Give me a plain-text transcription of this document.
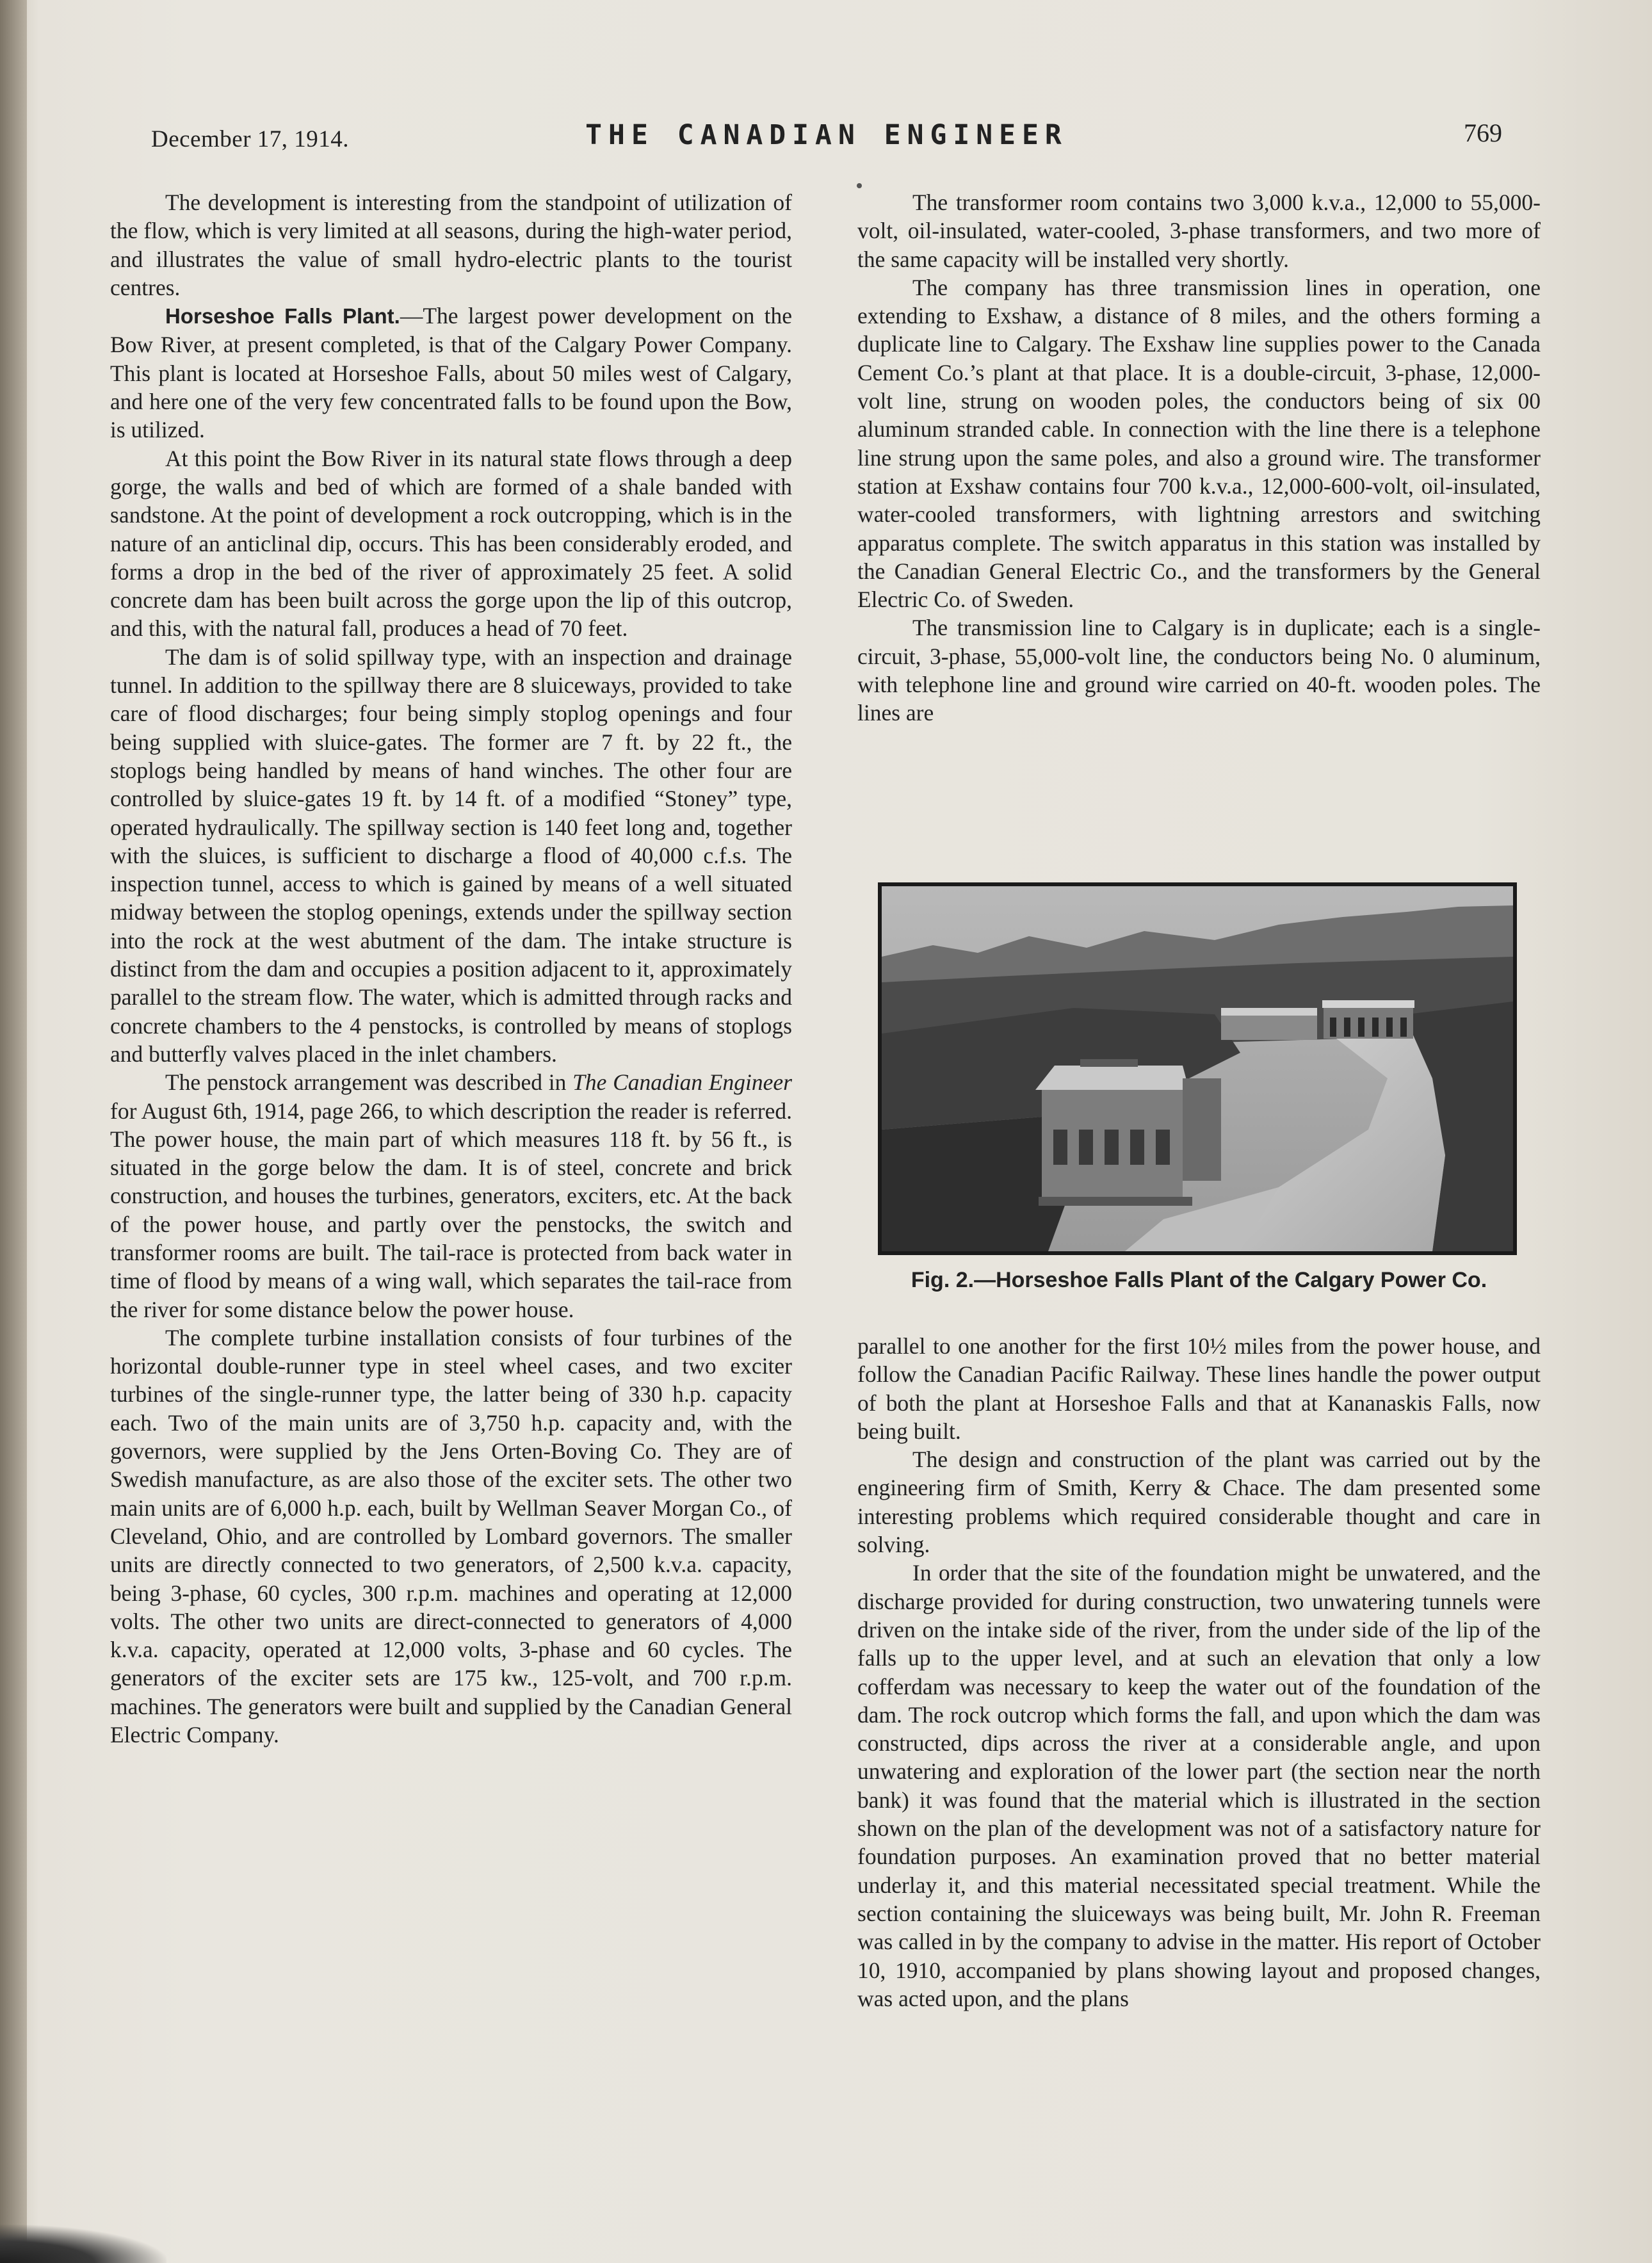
December 17, 1914.	THE CANADIAN ENGINEER	769

The development is interesting from the standpoint of utilization of the flow, which is very limited at all seasons, during the high-water period, and illustrates the value of small hydro-electric plants to the tourist centres.

Horseshoe Falls Plant.—The largest power development on the Bow River, at present completed, is that of the Calgary Power Company. This plant is located at Horseshoe Falls, about 50 miles west of Calgary, and here one of the very few concentrated falls to be found upon the Bow, is utilized.

At this point the Bow River in its natural state flows through a deep gorge, the walls and bed of which are formed of a shale banded with sandstone. At the point of development a rock outcropping, which is in the nature of an anticlinal dip, occurs. This has been considerably eroded, and forms a drop in the bed of the river of approximately 25 feet. A solid concrete dam has been built across the gorge upon the lip of this outcrop, and this, with the natural fall, produces a head of 70 feet.

The dam is of solid spillway type, with an inspection and drainage tunnel. In addition to the spillway there are 8 sluiceways, provided to take care of flood discharges; four being simply stoplog openings and four being supplied with sluice-gates. The former are 7 ft. by 22 ft., the stoplogs being handled by means of hand winches. The other four are controlled by sluice-gates 19 ft. by 14 ft. of a modified “Stoney” type, operated hydraulically. The spillway section is 140 feet long and, together with the sluices, is sufficient to discharge a flood of 40,000 c.f.s. The inspection tunnel, access to which is gained by means of a well situated midway between the stoplog openings, extends under the spillway section into the rock at the west abutment of the dam. The intake structure is distinct from the dam and occupies a position adjacent to it, approximately parallel to the stream flow. The water, which is admitted through racks and concrete chambers to the 4 penstocks, is controlled by means of stoplogs and butterfly valves placed in the inlet chambers.

The penstock arrangement was described in The Canadian Engineer for August 6th, 1914, page 266, to which description the reader is referred. The power house, the main part of which measures 118 ft. by 56 ft., is situated in the gorge below the dam. It is of steel, concrete and brick construction, and houses the turbines, generators, exciters, etc. At the back of the power house, and partly over the penstocks, the switch and transformer rooms are built. The tail-race is protected from back water in time of flood by means of a wing wall, which separates the tail-race from the river for some distance below the power house.

The complete turbine installation consists of four turbines of the horizontal double-runner type in steel wheel cases, and two exciter turbines of the single-runner type, the latter being of 330 h.p. capacity each. Two of the main units are of 3,750 h.p. capacity and, with the governors, were supplied by the Jens Orten-Boving Co. They are of Swedish manufacture, as are also those of the exciter sets. The other two main units are of 6,000 h.p. each, built by Wellman Seaver Morgan Co., of Cleveland, Ohio, and are controlled by Lombard governors. The smaller units are directly connected to two generators, of 2,500 k.v.a. capacity, being 3-phase, 60 cycles, 300 r.p.m. machines and operating at 12,000 volts. The other two units are direct-connected to generators of 4,000 k.v.a. capacity, operated at 12,000 volts, 3-phase and 60 cycles. The generators of the exciter sets are 175 kw., 125-volt, and 700 r.p.m. machines. The generators were built and supplied by the Canadian General Electric Company.

The transformer room contains two 3,000 k.v.a., 12,000 to 55,000-volt, oil-insulated, water-cooled, 3-phase transformers, and two more of the same capacity will be installed very shortly.

The company has three transmission lines in operation, one extending to Exshaw, a distance of 8 miles, and the others forming a duplicate line to Calgary. The Exshaw line supplies power to the Canada Cement Co.’s plant at that place. It is a double-circuit, 3-phase, 12,000-volt line, strung on wooden poles, the conductors being of six 00 aluminum stranded cable. In connection with the line there is a telephone line strung upon the same poles, and also a ground wire. The transformer station at Exshaw contains four 700 k.v.a., 12,000-600-volt, oil-insulated, water-cooled transformers, with lightning arrestors and switching apparatus complete. The switch apparatus in this station was installed by the Canadian General Electric Co., and the transformers by the General Electric Co. of Sweden.

The transmission line to Calgary is in duplicate; each is a single-circuit, 3-phase, 55,000-volt line, the conductors being No. 0 aluminum, with telephone line and ground wire carried on 40-ft. wooden poles. The lines are

Fig. 2.—Horseshoe Falls Plant of the Calgary Power Co.

parallel to one another for the first 10½ miles from the power house, and follow the Canadian Pacific Railway. These lines handle the power output of both the plant at Horseshoe Falls and that at Kananaskis Falls, now being built.

The design and construction of the plant was carried out by the engineering firm of Smith, Kerry & Chace. The dam presented some interesting problems which required considerable thought and care in solving.

In order that the site of the foundation might be unwatered, and the discharge provided for during construction, two unwatering tunnels were driven on the intake side of the river, from the under side of the lip of the falls up to the upper level, and at such an elevation that only a low cofferdam was necessary to keep the water out of the foundation of the dam. The rock outcrop which forms the fall, and upon which the dam was constructed, dips across the river at a considerable angle, and upon unwatering and exploration of the lower part (the section near the north bank) it was found that the material which is illustrated in the section shown on the plan of the development was not of a satisfactory nature for foundation purposes. An examination proved that no better material underlay it, and this material necessitated special treatment. While the section containing the sluiceways was being built, Mr. John R. Freeman was called in by the company to advise in the matter. His report of October 10, 1910, accompanied by plans showing layout and proposed changes, was acted upon, and the plans
